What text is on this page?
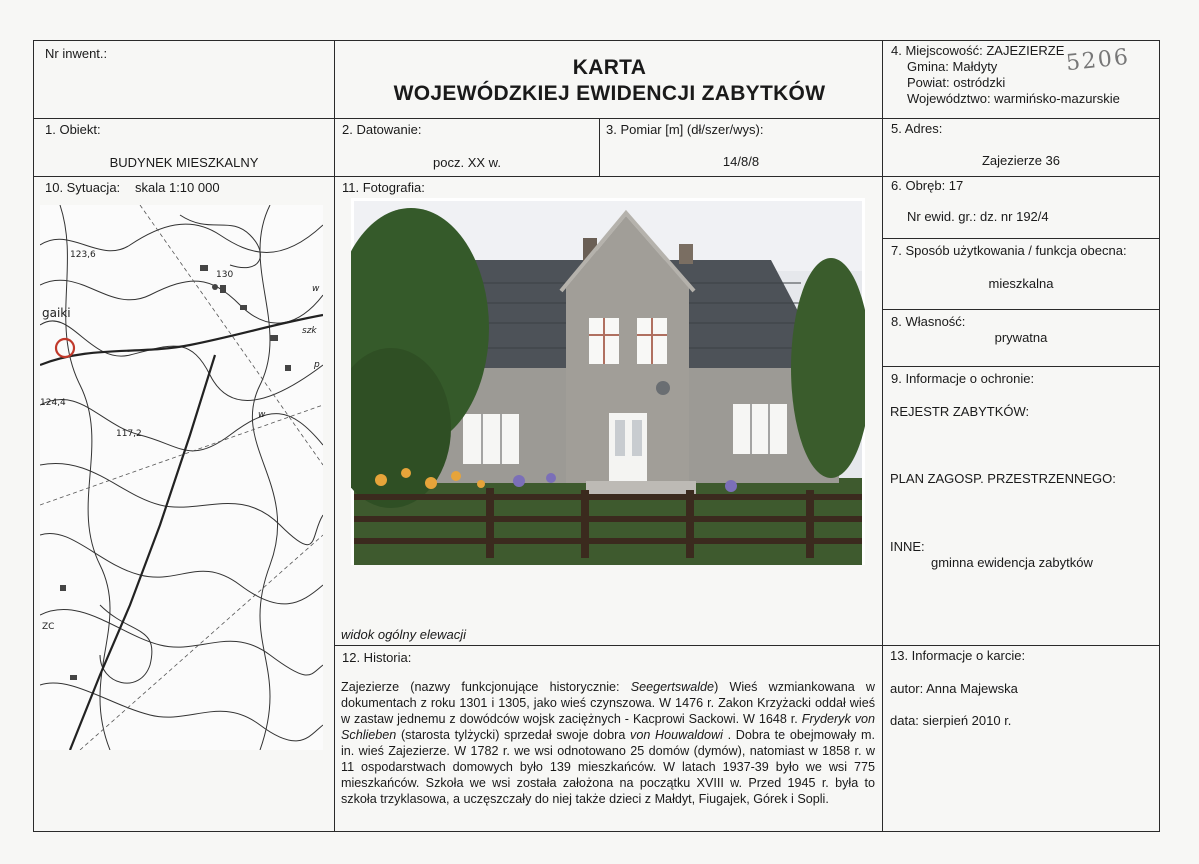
Nr inwent.:
KARTA
WOJEWÓDZKIEJ EWIDENCJI ZABYTKÓW
4. Miejscowość: ZAJEZIERZE
Gmina: Małdyty
Powiat: ostródzki
Województwo: warmińsko-mazurskie
5206
1. Obiekt:
BUDYNEK MIESZKALNY
2. Datowanie:
pocz. XX w.
3. Pomiar [m] (dł/szer/wys):
14/8/8
5. Adres:
Zajezierze 36
10. Sytuacja: skala 1:10 000
123,6
130
gaiki
szk
124,4
117,2
w
w
p
ZC
11. Fotografia:
widok ogólny elewacji
6. Obręb: 17
Nr ewid. gr.: dz. nr 192/4
7. Sposób użytkowania / funkcja obecna:
mieszkalna
8. Własność:
prywatna
9. Informacje o ochronie:
REJESTR ZABYTKÓW:
PLAN ZAGOSP. PRZESTRZENNEGO:
INNE:
gminna ewidencja zabytków
12. Historia:
Zajezierze (nazwy funkcjonujące historycznie: Seegertswalde) Wieś wzmiankowana w dokumentach z roku 1301 i 1305, jako wieś czynszowa. W 1476 r. Zakon Krzyżacki oddał wieś w zastaw jednemu z dowódców wojsk zaciężnych - Kacprowi Sackowi. W 1648 r. Fryderyk von Schlieben (starosta tylżycki) sprzedał swoje dobra von Houwaldowi . Dobra te obejmowały m. in. wieś Zajezierze. W 1782 r. we wsi odnotowano 25 domów (dymów), natomiast w 1858 r. w 11 ospodarstwach domowych było 139 mieszkańców. W latach 1937-39 było we wsi 775 mieszkańców. Szkoła we wsi została założona na początku XVIII w. Przed 1945 r. była to szkoła trzyklasowa, a uczęszczały do niej także dzieci z Małdyt, Fiugajek, Górek i Sopli.
13. Informacje o karcie:
autor: Anna Majewska
data: sierpień 2010 r.
